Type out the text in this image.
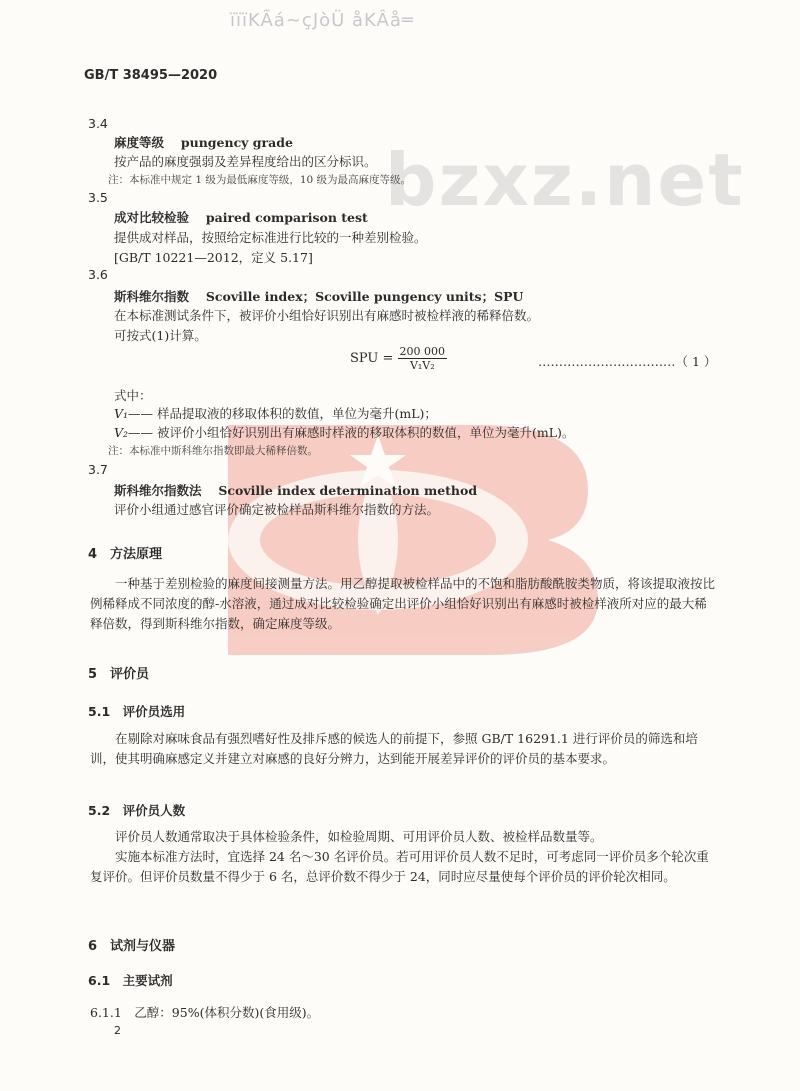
bzxz.net
ïïïKÃá~çJòÜ åKÂå═
GB/T 38495—2020
3.4
麻度等级　 pungency grade
按产品的麻度强弱及差异程度给出的区分标识。
注：本标准中规定 1 级为最低麻度等级，10 级为最高麻度等级。
3.5
成对比较检验　 paired comparison test
提供成对样品，按照给定标准进行比较的一种差别检验。
[GB/T 10221—2012，定义 5.17]
3.6
斯科维尔指数　 Scoville index；Scoville pungency units；SPU
在本标准测试条件下，被评价小组恰好识别出有麻感时被检样液的稀释倍数。
可按式(1)计算。
SPU = $\frac{200 000}{\text{V₁V₂}}$	……………………………（ 1 ）
式中：
V₁—— 样品提取液的移取体积的数值，单位为毫升(mL)；
V₂—— 被评价小组恰好识别出有麻感时样液的移取体积的数值，单位为毫升(mL)。
注：本标准中斯科维尔指数即最大稀释倍数。
3.7
斯科维尔指数法　 Scoville index determination method
评价小组通过感官评价确定被检样品斯科维尔指数的方法。
4　方法原理
一种基于差别检验的麻度间接测量方法。用乙醇提取被检样品中的不饱和脂肪酸酰胺类物质，将该提取液按比例稀释成不同浓度的醇-水溶液，通过成对比较检验确定出评价小组恰好识别出有麻感时被检样液所对应的最大稀释倍数，得到斯科维尔指数，确定麻度等级。
5　评价员
5.1　评价员选用
在剔除对麻味食品有强烈嗜好性及排斥感的候选人的前提下，参照 GB/T 16291.1 进行评价员的筛选和培训，使其明确麻感定义并建立对麻感的良好分辨力，达到能开展差异评价的评价员的基本要求。
5.2　评价员人数
评价员人数通常取决于具体检验条件，如检验周期、可用评价员人数、被检样品数量等。
实施本标准方法时，宜选择 24 名～30 名评价员。若可用评价员人数不足时，可考虑同一评价员多个轮次重复评价。但评价员数量不得少于 6 名，总评价数不得少于 24，同时应尽量使每个评价员的评价轮次相同。
6　试剂与仪器
6.1　主要试剂
6.1.1　乙醇：95%(体积分数)(食用级)。
2
